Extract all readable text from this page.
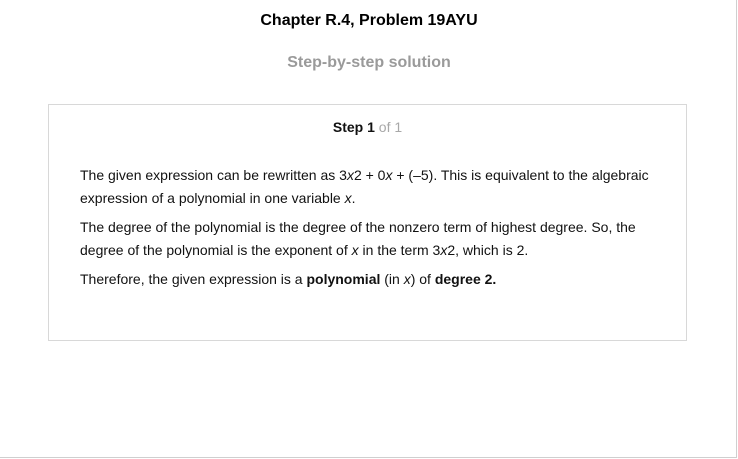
Chapter R.4, Problem 19AYU
Step-by-step solution
Step 1 of 1

The given expression can be rewritten as 3x2 + 0x + (–5). This is equivalent to the algebraic expression of a polynomial in one variable x.

The degree of the polynomial is the degree of the nonzero term of highest degree. So, the degree of the polynomial is the exponent of x in the term 3x2, which is 2.

Therefore, the given expression is a polynomial (in x) of degree 2.
